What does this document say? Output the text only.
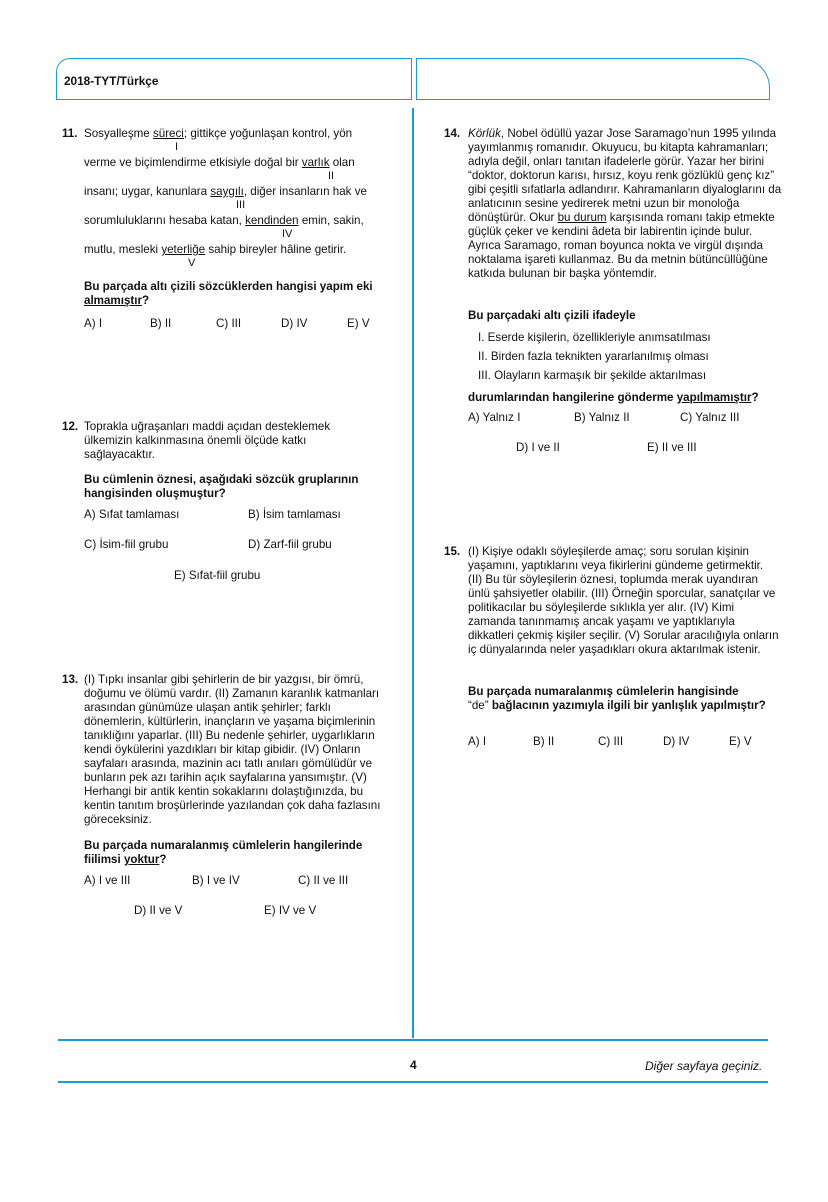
2018-TYT/Türkçe
11. Sosyalleşme süreci; gittikçe yoğunlaşan kontrol, yön
I
verme ve biçimlendirme etkisiyle doğal bir varlık olan
II
insanı; uygar, kanunlara saygılı, diğer insanların hak ve
III
sorumluluklarını hesaba katan, kendinden emin, sakin,
IV
mutlu, mesleki yeterliğe sahip bireyler hâline getirir.
V
Bu parçada altı çizili sözcüklerden hangisi yapım eki almamıştır?
A) I	B) II	C) III	D) IV	E) V
12. Toprakla uğraşanları maddi açıdan desteklemek ülkemizin kalkınmasına önemli ölçüde katkı sağlayacaktır.
Bu cümlenin öznesi, aşağıdaki sözcük gruplarının hangisinden oluşmuştur?
A) Sıfat tamlaması	B) İsim tamlaması
C) İsim-fiil grubu	D) Zarf-fiil grubu
E) Sıfat-fiil grubu
13. (I) Tıpkı insanlar gibi şehirlerin de bir yazgısı, bir ömrü, doğumu ve ölümü vardır. (II) Zamanın karanlık katmanları arasından günümüze ulaşan antik şehirler; farklı dönemlerin, kültürlerin, inançların ve yaşama biçimlerinin tanıklığını yaparlar. (III) Bu nedenle şehirler, uygarlıkların kendi öykülerini yazdıkları bir kitap gibidir. (IV) Onların sayfaları arasında, mazinin acı tatlı anıları gömülüdür ve bunların pek azı tarihin açık sayfalarına yansımıştır. (V) Herhangi bir antik kentin sokaklarını dolaştığınızda, bu kentin tanıtım broşürlerinde yazılandan çok daha fazlasını göreceksiniz.
Bu parçada numaralanmış cümlelerin hangilerinde fiilimsi yoktur?
A) I ve III	B) I ve IV	C) II ve III
D) II ve V	E) IV ve V
14. Körlük, Nobel ödüllü yazar Jose Saramago’nun 1995 yılında yayımlanmış romanıdır. Okuyucu, bu kitapta kahramanları; adıyla değil, onları tanıtan ifadelerle görür. Yazar her birini “doktor, doktorun karısı, hırsız, koyu renk gözlüklü genç kız” gibi çeşitli sıfatlarla adlandırır. Kahramanların diyaloglarını da anlatıcının sesine yedirerek metni uzun bir monoloğa dönüştürür. Okur bu durum karşısında romanı takip etmekte güçlük çeker ve kendini âdeta bir labirentin içinde bulur. Ayrıca Saramago, roman boyunca nokta ve virgül dışında noktalama işareti kullanmaz. Bu da metnin bütüncüllüğüne katkıda bulunan bir başka yöntemdir.
Bu parçadaki altı çizili ifadeyle
I. Eserde kişilerin, özellikleriyle anımsatılması
II. Birden fazla teknikten yararlanılmış olması
III. Olayların karmaşık bir şekilde aktarılması
durumlarından hangilerine gönderme yapılmamıştır?
A) Yalnız I	B) Yalnız II	C) Yalnız III
D) I ve II	E) II ve III
15. (I) Kişiye odaklı söyleşilerde amaç; soru sorulan kişinin yaşamını, yaptıklarını veya fikirlerini gündeme getirmektir. (II) Bu tür söyleşilerin öznesi, toplumda merak uyandıran ünlü şahsiyetler olabilir. (III) Örneğin sporcular, sanatçılar ve politikacılar bu söyleşilerde sıklıkla yer alır. (IV) Kimi zamanda tanınmamış ancak yaşamı ve yaptıklarıyla dikkatleri çekmiş kişiler seçilir. (V) Sorular aracılığıyla onların iç dünyalarında neler yaşadıkları okura aktarılmak istenir.
Bu parçada numaralanmış cümlelerin hangisinde
“de” bağlacının yazımıyla ilgili bir yanlışlık yapılmıştır?
A) I	B) II	C) III	D) IV	E) V
4	Diğer sayfaya geçiniz.
